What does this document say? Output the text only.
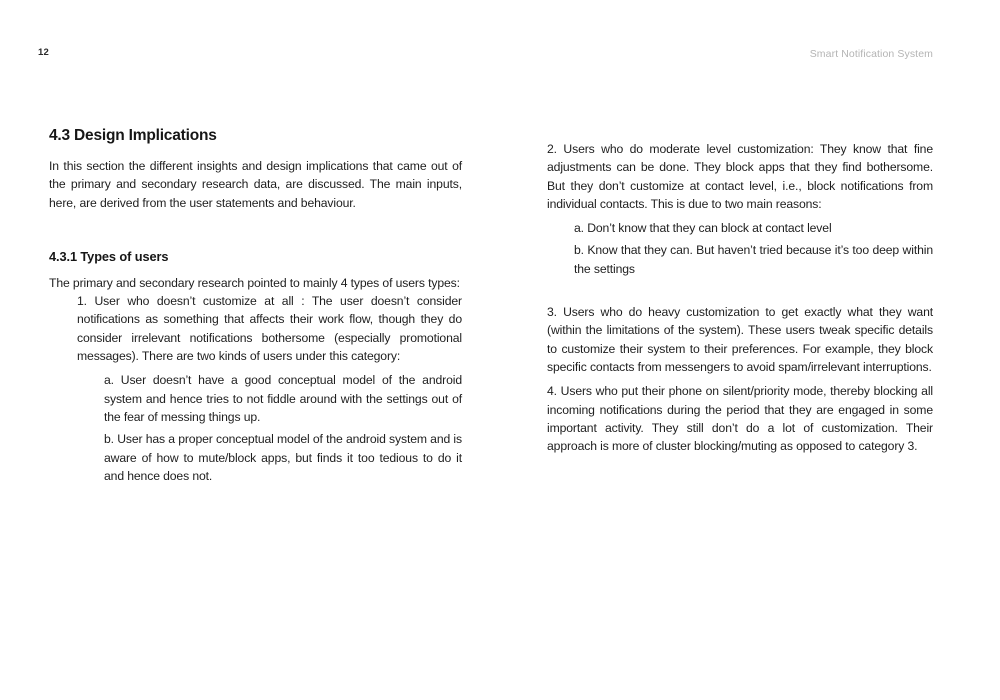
12	Smart Notification System
4.3 Design Implications

In this section the different insights and design implications that came out of the primary and secondary research data, are discussed. The main inputs, here, are derived from the user statements and behaviour.

4.3.1 Types of users

The primary and secondary research pointed to mainly 4 types of users types:

1. User who doesn’t customize at all : The user doesn’t consider notifications as something that affects their work flow, though they do consider irrelevant notifications bothersome (especially promotional messages). There are two kinds of users under this category:

a. User doesn’t have a good conceptual model of the android system and hence tries to not fiddle around with the settings out of the fear of messing things up.

b. User has a proper conceptual model of the android system and is aware of how to mute/block apps, but finds it too tedious to do it and hence does not.

2. Users who do moderate level customization: They know that fine adjustments can be done. They block apps that they find bothersome. But they don’t customize at contact level, i.e., block notifications from individual contacts. This is due to two main reasons:

a. Don’t know that they can block at contact level

b. Know that they can. But haven’t tried because it’s too deep within the settings

3. Users who do heavy customization to get exactly what they want (within the limitations of the system). These users tweak specific details to customize their system to their preferences. For example, they block specific contacts from messengers to avoid spam/irrelevant interruptions.

4. Users who put their phone on silent/priority mode, thereby blocking all incoming notifications during the period that they are engaged in some important activity. They still don’t do a lot of customization. Their approach is more of cluster blocking/muting as opposed to category 3.
